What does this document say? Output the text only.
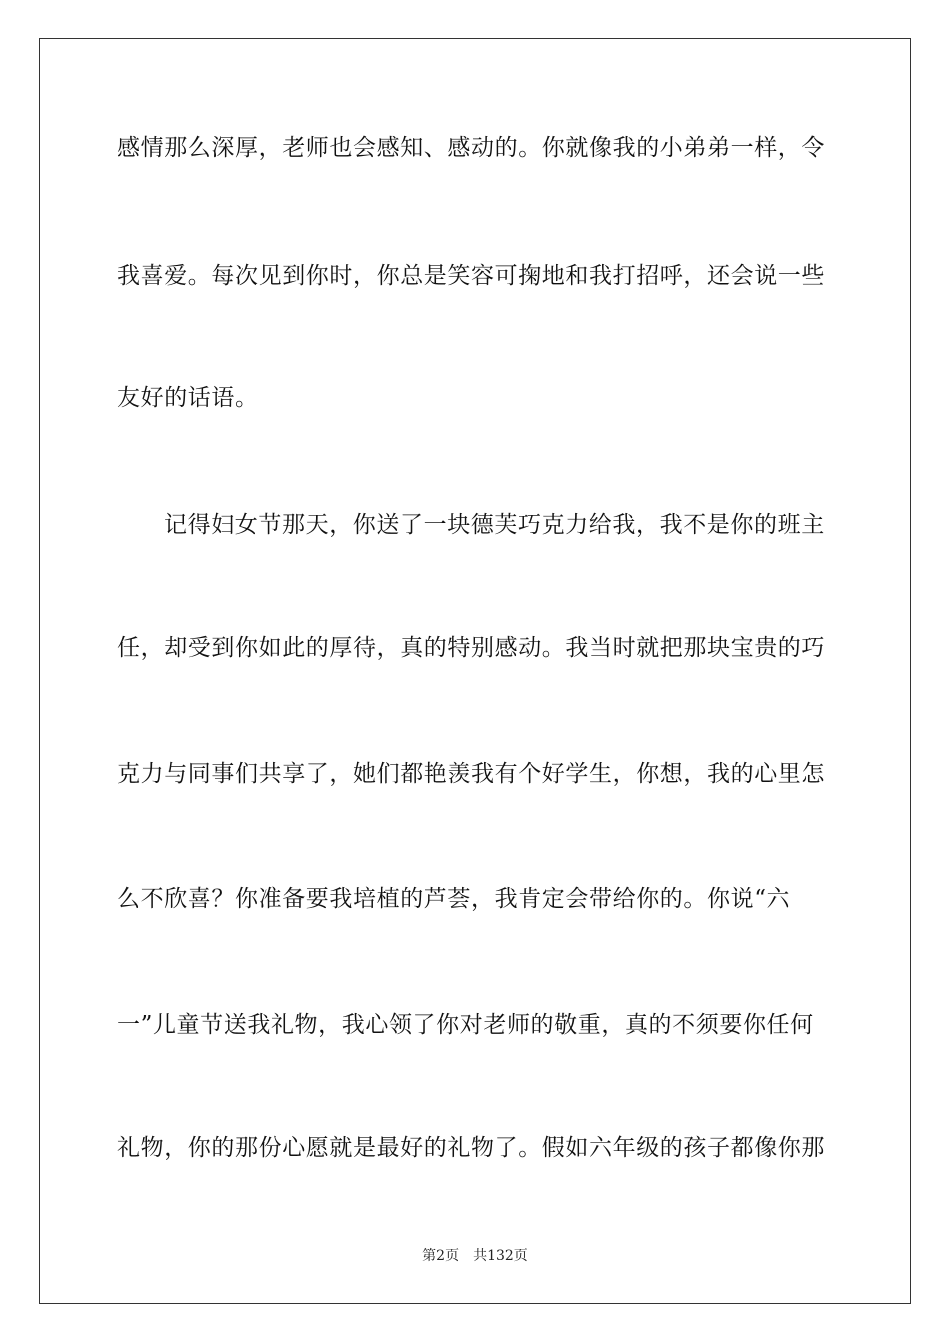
感情那么深厚，老师也会感知、感动的。你就像我的小弟弟一样，令
我喜爱。每次见到你时，你总是笑容可掬地和我打招呼，还会说一些
友好的话语。
记得妇女节那天，你送了一块德芙巧克力给我，我不是你的班主
任，却受到你如此的厚待，真的特别感动。我当时就把那块宝贵的巧
克力与同事们共享了，她们都艳羡我有个好学生，你想，我的心里怎
么不欣喜？你准备要我培植的芦荟，我肯定会带给你的。你说“六
一”儿童节送我礼物，我心领了你对老师的敬重，真的不须要你任何
礼物，你的那份心愿就是最好的礼物了。假如六年级的孩子都像你那
第2页　共132页
